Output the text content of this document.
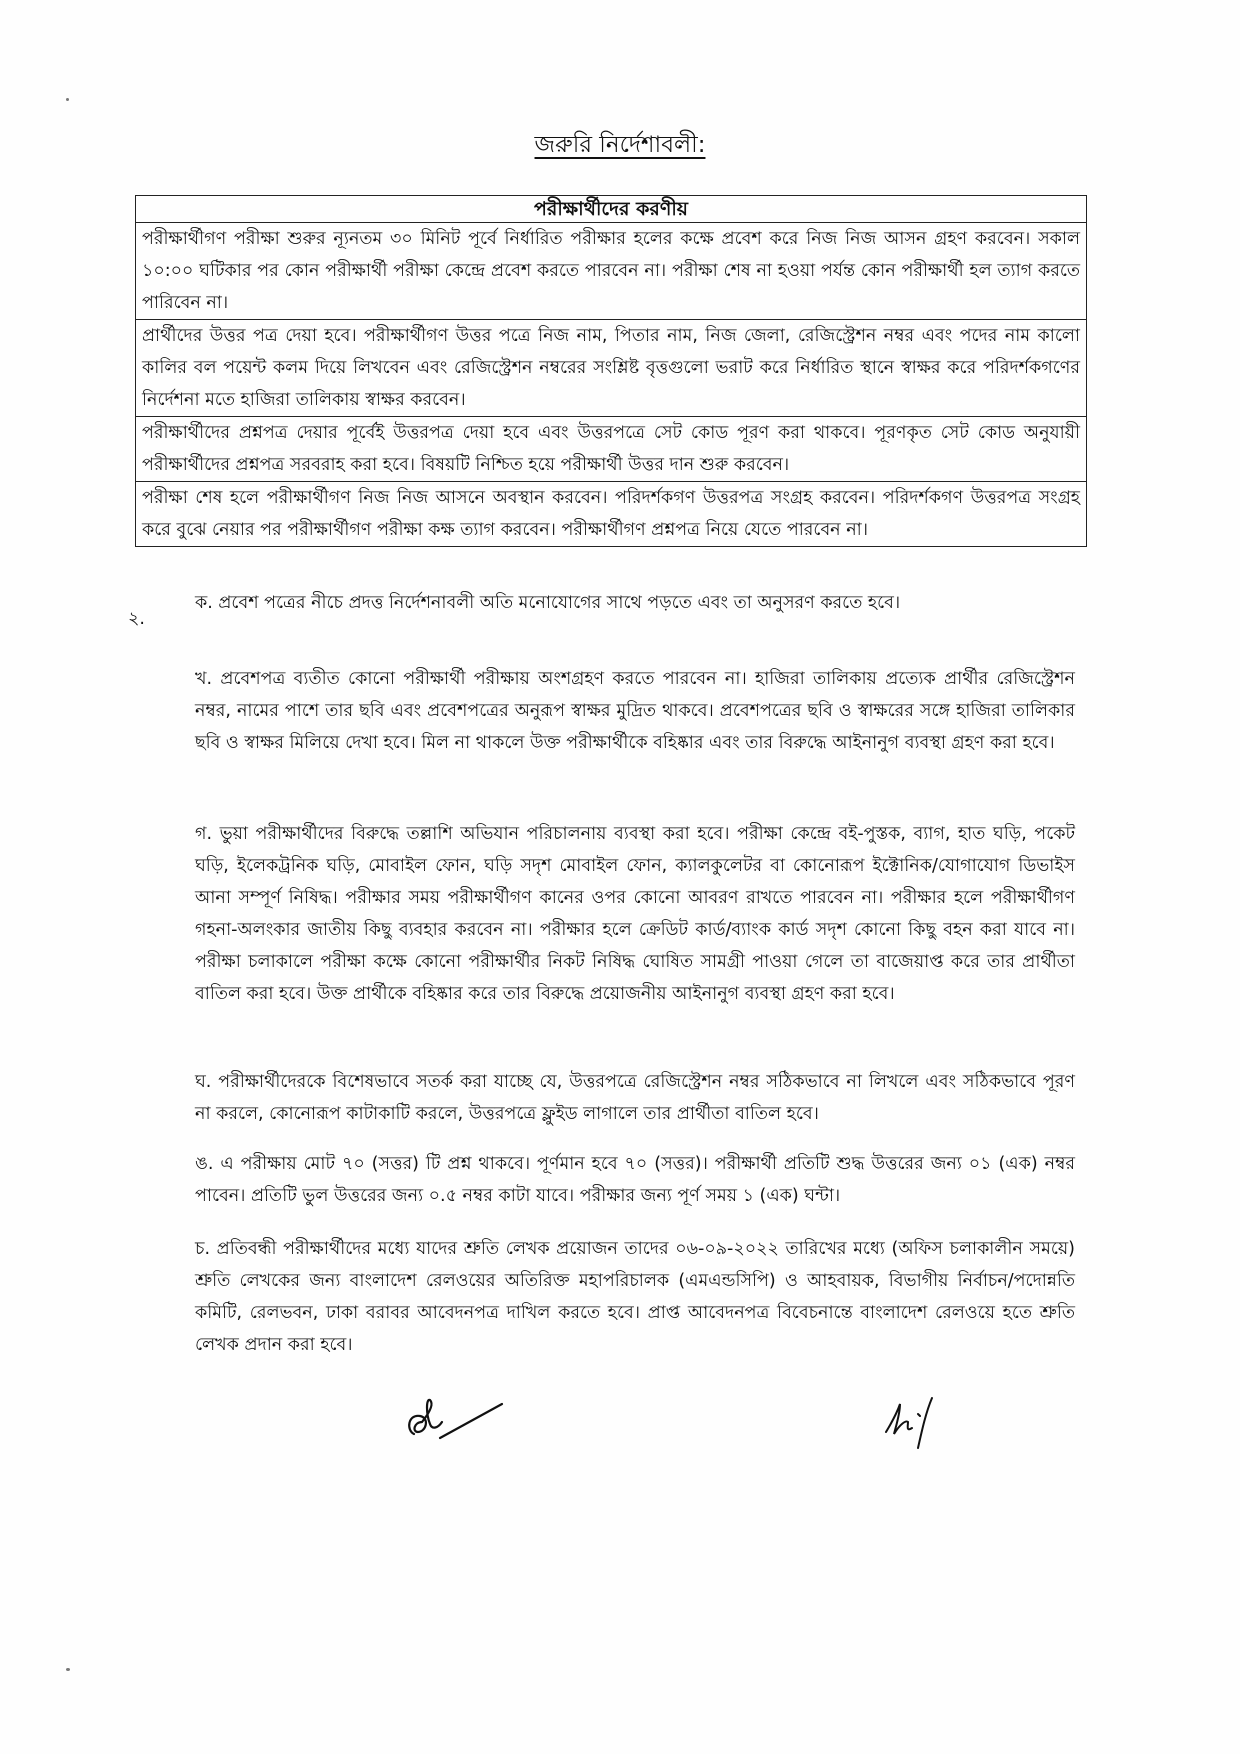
জরুরি নির্দেশাবলী:
পরীক্ষার্থীদের করণীয়
পরীক্ষার্থীগণ পরীক্ষা শুরুর ন্যূনতম ৩০ মিনিট পূর্বে নির্ধারিত পরীক্ষার হলের কক্ষে প্রবেশ করে নিজ নিজ আসন গ্রহণ করবেন। সকাল ১০:০০ ঘটিকার পর কোন পরীক্ষার্থী পরীক্ষা কেন্দ্রে প্রবেশ করতে পারবেন না। পরীক্ষা শেষ না হওয়া পর্যন্ত কোন পরীক্ষার্থী হল ত্যাগ করতে পারিবেন না।
প্রার্থীদের উত্তর পত্র দেয়া হবে। পরীক্ষার্থীগণ উত্তর পত্রে নিজ নাম, পিতার নাম, নিজ জেলা, রেজিস্ট্রেশন নম্বর এবং পদের নাম কালো কালির বল পয়েন্ট কলম দিয়ে লিখবেন এবং রেজিস্ট্রেশন নম্বরের সংশ্লিষ্ট বৃত্তগুলো ভরাট করে নির্ধারিত স্থানে স্বাক্ষর করে পরিদর্শকগণের নির্দেশনা মতে হাজিরা তালিকায় স্বাক্ষর করবেন।
পরীক্ষার্থীদের প্রশ্নপত্র দেয়ার পূর্বেই উত্তরপত্র দেয়া হবে এবং উত্তরপত্রে সেট কোড পূরণ করা থাকবে। পূরণকৃত সেট কোড অনুযায়ী পরীক্ষার্থীদের প্রশ্নপত্র সরবরাহ করা হবে। বিষয়টি নিশ্চিত হয়ে পরীক্ষার্থী উত্তর দান শুরু করবেন।
পরীক্ষা শেষ হলে পরীক্ষার্থীগণ নিজ নিজ আসনে অবস্থান করবেন। পরিদর্শকগণ উত্তরপত্র সংগ্রহ করবেন। পরিদর্শকগণ উত্তরপত্র সংগ্রহ করে বুঝে নেয়ার পর পরীক্ষার্থীগণ পরীক্ষা কক্ষ ত্যাগ করবেন। পরীক্ষার্থীগণ প্রশ্নপত্র নিয়ে যেতে পারবেন না।
২.

ক. প্রবেশ পত্রের নীচে প্রদত্ত নির্দেশনাবলী অতি মনোযোগের সাথে পড়তে এবং তা অনুসরণ করতে হবে।

খ. প্রবেশপত্র ব্যতীত কোনো পরীক্ষার্থী পরীক্ষায় অংশগ্রহণ করতে পারবেন না। হাজিরা তালিকায় প্রত্যেক প্রার্থীর রেজিস্ট্রেশন নম্বর, নামের পাশে তার ছবি এবং প্রবেশপত্রের অনুরূপ স্বাক্ষর মুদ্রিত থাকবে। প্রবেশপত্রের ছবি ও স্বাক্ষরের সঙ্গে হাজিরা তালিকার ছবি ও স্বাক্ষর মিলিয়ে দেখা হবে। মিল না থাকলে উক্ত পরীক্ষার্থীকে বহিষ্কার এবং তার বিরুদ্ধে আইনানুগ ব্যবস্থা গ্রহণ করা হবে।

গ. ভুয়া পরীক্ষার্থীদের বিরুদ্ধে তল্লাশি অভিযান পরিচালনায় ব্যবস্থা করা হবে। পরীক্ষা কেন্দ্রে বই-পুস্তক, ব্যাগ, হাত ঘড়ি, পকেট ঘড়ি, ইলেকট্রনিক ঘড়ি, মোবাইল ফোন, ঘড়ি সদৃশ মোবাইল ফোন, ক্যালকুলেটর বা কোনোরূপ ইক্টোনিক/যোগাযোগ ডিভাইস আনা সম্পূর্ণ নিষিদ্ধ। পরীক্ষার সময় পরীক্ষার্থীগণ কানের ওপর কোনো আবরণ রাখতে পারবেন না। পরীক্ষার হলে পরীক্ষার্থীগণ গহনা-অলংকার জাতীয় কিছু ব্যবহার করবেন না। পরীক্ষার হলে ক্রেডিট কার্ড/ব্যাংক কার্ড সদৃশ কোনো কিছু বহন করা যাবে না। পরীক্ষা চলাকালে পরীক্ষা কক্ষে কোনো পরীক্ষার্থীর নিকট নিষিদ্ধ ঘোষিত সামগ্রী পাওয়া গেলে তা বাজেয়াপ্ত করে তার প্রার্থীতা বাতিল করা হবে। উক্ত প্রার্থীকে বহিষ্কার করে তার বিরুদ্ধে প্রয়োজনীয় আইনানুগ ব্যবস্থা গ্রহণ করা হবে।

ঘ. পরীক্ষার্থীদেরকে বিশেষভাবে সতর্ক করা যাচ্ছে যে, উত্তরপত্রে রেজিস্ট্রেশন নম্বর সঠিকভাবে না লিখলে এবং সঠিকভাবে পূরণ না করলে, কোনোরূপ কাটাকাটি করলে, উত্তরপত্রে ফ্লুইড লাগালে তার প্রার্থীতা বাতিল হবে।

ঙ. এ পরীক্ষায় মোট ৭০ (সত্তর) টি প্রশ্ন থাকবে। পূর্ণমান হবে ৭০ (সত্তর)। পরীক্ষার্থী প্রতিটি শুদ্ধ উত্তরের জন্য ০১ (এক) নম্বর পাবেন। প্রতিটি ভুল উত্তরের জন্য ০.৫ নম্বর কাটা যাবে। পরীক্ষার জন্য পূর্ণ সময় ১ (এক) ঘন্টা।

চ. প্রতিবন্ধী পরীক্ষার্থীদের মধ্যে যাদের শ্রুতি লেখক প্রয়োজন তাদের ০৬-০৯-২০২২ তারিখের মধ্যে (অফিস চলাকালীন সময়ে) শ্রুতি লেখকের জন্য বাংলাদেশ রেলওয়ের অতিরিক্ত মহাপরিচালক (এমএন্ডসিপি) ও আহবায়ক, বিভাগীয় নির্বাচন/পদোন্নতি কমিটি, রেলভবন, ঢাকা বরাবর আবেদনপত্র দাখিল করতে হবে। প্রাপ্ত আবেদনপত্র বিবেচনান্তে বাংলাদেশ রেলওয়ে হতে শ্রুতি লেখক প্রদান করা হবে।
